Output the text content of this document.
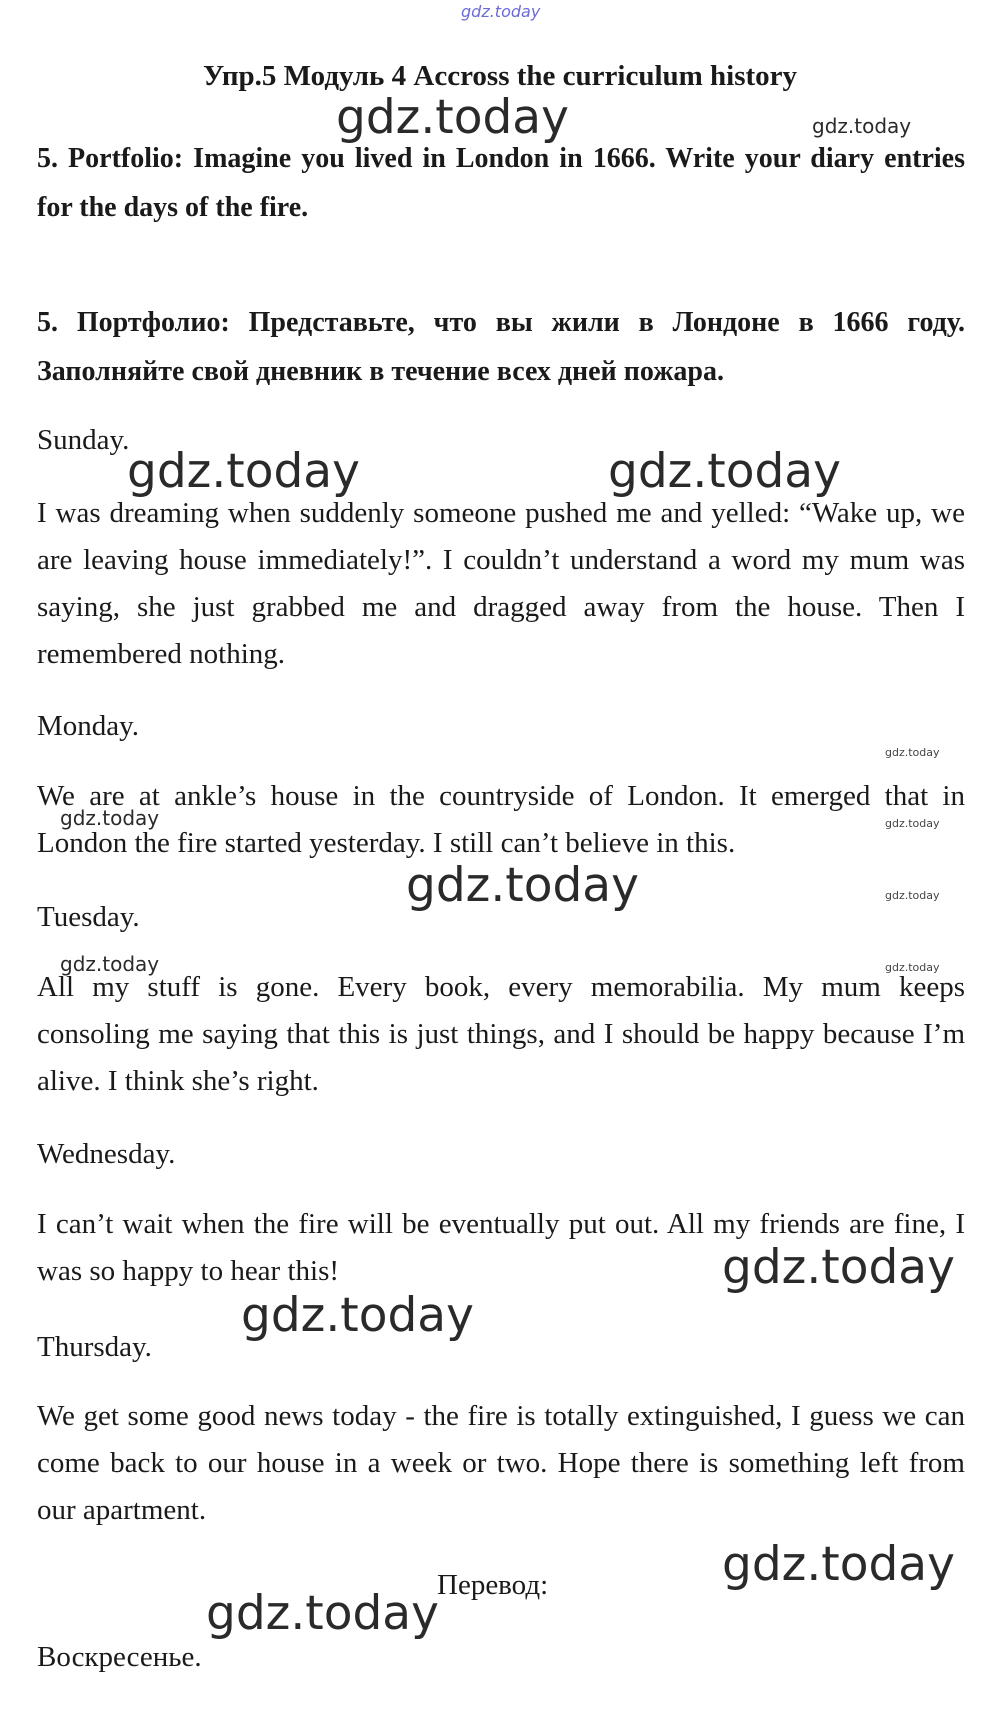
gdz.today
Упр.5 Модуль 4 Accross the curriculum history
gdz.today	gdz.today
5. Portfolio: Imagine you lived in London in 1666. Write your diary entries for the days of the fire.
5. Портфолио: Представьте, что вы жили в Лондоне в 1666 году. Заполняйте свой дневник в течение всех дней пожара.
Sunday.
gdz.today	gdz.today
I was dreaming when suddenly someone pushed me and yelled: “Wake up, we are leaving house immediately!”. I couldn’t understand a word my mum was saying, she just grabbed me and dragged away from the house. Then I remembered nothing.
Monday.
gdz.today
We are at ankle’s house in the countryside of London. It emerged that in London the fire started yesterday. I still can’t believe in this.
gdz.today	gdz.today
gdz.today
Tuesday.
gdz.today
gdz.today	gdz.today
All my stuff is gone. Every book, every memorabilia. My mum keeps consoling me saying that this is just things, and I should be happy because I’m alive. I think she’s right.
Wednesday.
I can’t wait when the fire will be eventually put out. All my friends are fine, I was so happy to hear this!	gdz.today
gdz.today
Thursday.
We get some good news today - the fire is totally extinguished, I guess we can come back to our house in a week or two. Hope there is something left from our apartment.
gdz.today
Перевод:
gdz.today
Воскресенье.
